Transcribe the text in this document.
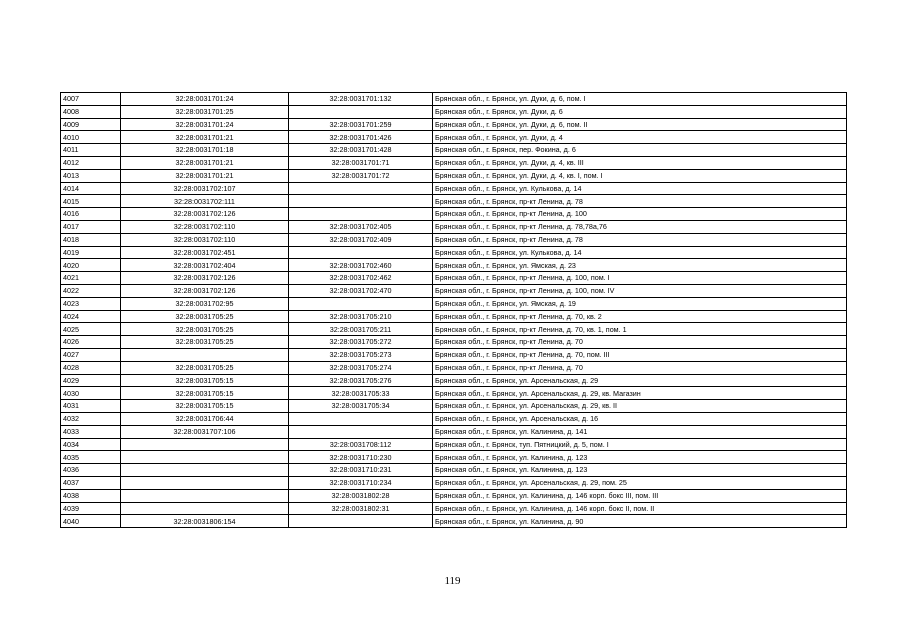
4007	32:28:0031701:24	32:28:0031701:132	Брянская обл., г. Брянск, ул. Дуки, д. 6, пом. I
4008	32:28:0031701:25		Брянская обл., г. Брянск, ул. Дуки, д. 6
4009	32:28:0031701:24	32:28:0031701:259	Брянская обл., г. Брянск, ул. Дуки, д. 6, пом. II
4010	32:28:0031701:21	32:28:0031701:426	Брянская обл., г. Брянск, ул. Дуки, д. 4
4011	32:28:0031701:18	32:28:0031701:428	Брянская обл., г. Брянск, пер. Фокина, д. 6
4012	32:28:0031701:21	32:28:0031701:71	Брянская обл., г. Брянск, ул. Дуки, д. 4, кв. III
4013	32:28:0031701:21	32:28:0031701:72	Брянская обл., г. Брянск, ул. Дуки, д. 4, кв. I, пом. I
4014	32:28:0031702:107		Брянская обл., г. Брянск, ул. Кулькова, д. 14
4015	32:28:0031702:111		Брянская обл., г. Брянск, пр-кт Ленина, д. 78
4016	32:28:0031702:126		Брянская обл., г. Брянск, пр-кт Ленина, д. 100
4017	32:28:0031702:110	32:28:0031702:405	Брянская обл., г. Брянск, пр-кт Ленина, д. 78,78а,76
4018	32:28:0031702:110	32:28:0031702:409	Брянская обл., г. Брянск, пр-кт Ленина, д. 78
4019	32:28:0031702:451		Брянская обл., г. Брянск, ул. Кулькова, д. 14
4020	32:28:0031702:404	32:28:0031702:460	Брянская обл., г. Брянск, ул. Ямская, д. 23
4021	32:28:0031702:126	32:28:0031702:462	Брянская обл., г. Брянск, пр-кт Ленина, д. 100, пом. I
4022	32:28:0031702:126	32:28:0031702:470	Брянская обл., г. Брянск, пр-кт Ленина, д. 100, пом. IV
4023	32:28:0031702:95		Брянская обл., г. Брянск, ул. Ямская, д. 19
4024	32:28:0031705:25	32:28:0031705:210	Брянская обл., г. Брянск, пр-кт Ленина, д. 70, кв. 2
4025	32:28:0031705:25	32:28:0031705:211	Брянская обл., г. Брянск, пр-кт Ленина, д. 70, кв. 1, пом. 1
4026	32:28:0031705:25	32:28:0031705:272	Брянская обл., г. Брянск, пр-кт Ленина, д. 70
4027		32:28:0031705:273	Брянская обл., г. Брянск, пр-кт Ленина, д. 70, пом. III
4028	32:28:0031705:25	32:28:0031705:274	Брянская обл., г. Брянск, пр-кт Ленина, д. 70
4029	32:28:0031705:15	32:28:0031705:276	Брянская обл., г. Брянск, ул. Арсенальская, д. 29
4030	32:28:0031705:15	32:28:0031705:33	Брянская обл., г. Брянск, ул. Арсенальская, д. 29, кв. Магазин
4031	32:28:0031705:15	32:28:0031705:34	Брянская обл., г. Брянск, ул. Арсенальская, д. 29, кв. II
4032	32:28:0031706:44		Брянская обл., г. Брянск, ул. Арсенальская, д. 16
4033	32:28:0031707:106		Брянская обл., г. Брянск, ул. Калинина, д. 141
4034		32:28:0031708:112	Брянская обл., г. Брянск, туп. Пятницкий, д. 5, пом. I
4035		32:28:0031710:230	Брянская обл., г. Брянск, ул. Калинина, д. 123
4036		32:28:0031710:231	Брянская обл., г. Брянск, ул. Калинина, д. 123
4037		32:28:0031710:234	Брянская обл., г. Брянск, ул. Арсенальская, д. 29, пом. 25
4038		32:28:0031802:28	Брянская обл., г. Брянск, ул. Калинина, д. 146 корп. бокс III, пом. III
4039		32:28:0031802:31	Брянская обл., г. Брянск, ул. Калинина, д. 146 корп. бокс II, пом. II
4040	32:28:0031806:154		Брянская обл., г. Брянск, ул. Калинина, д. 90
119
